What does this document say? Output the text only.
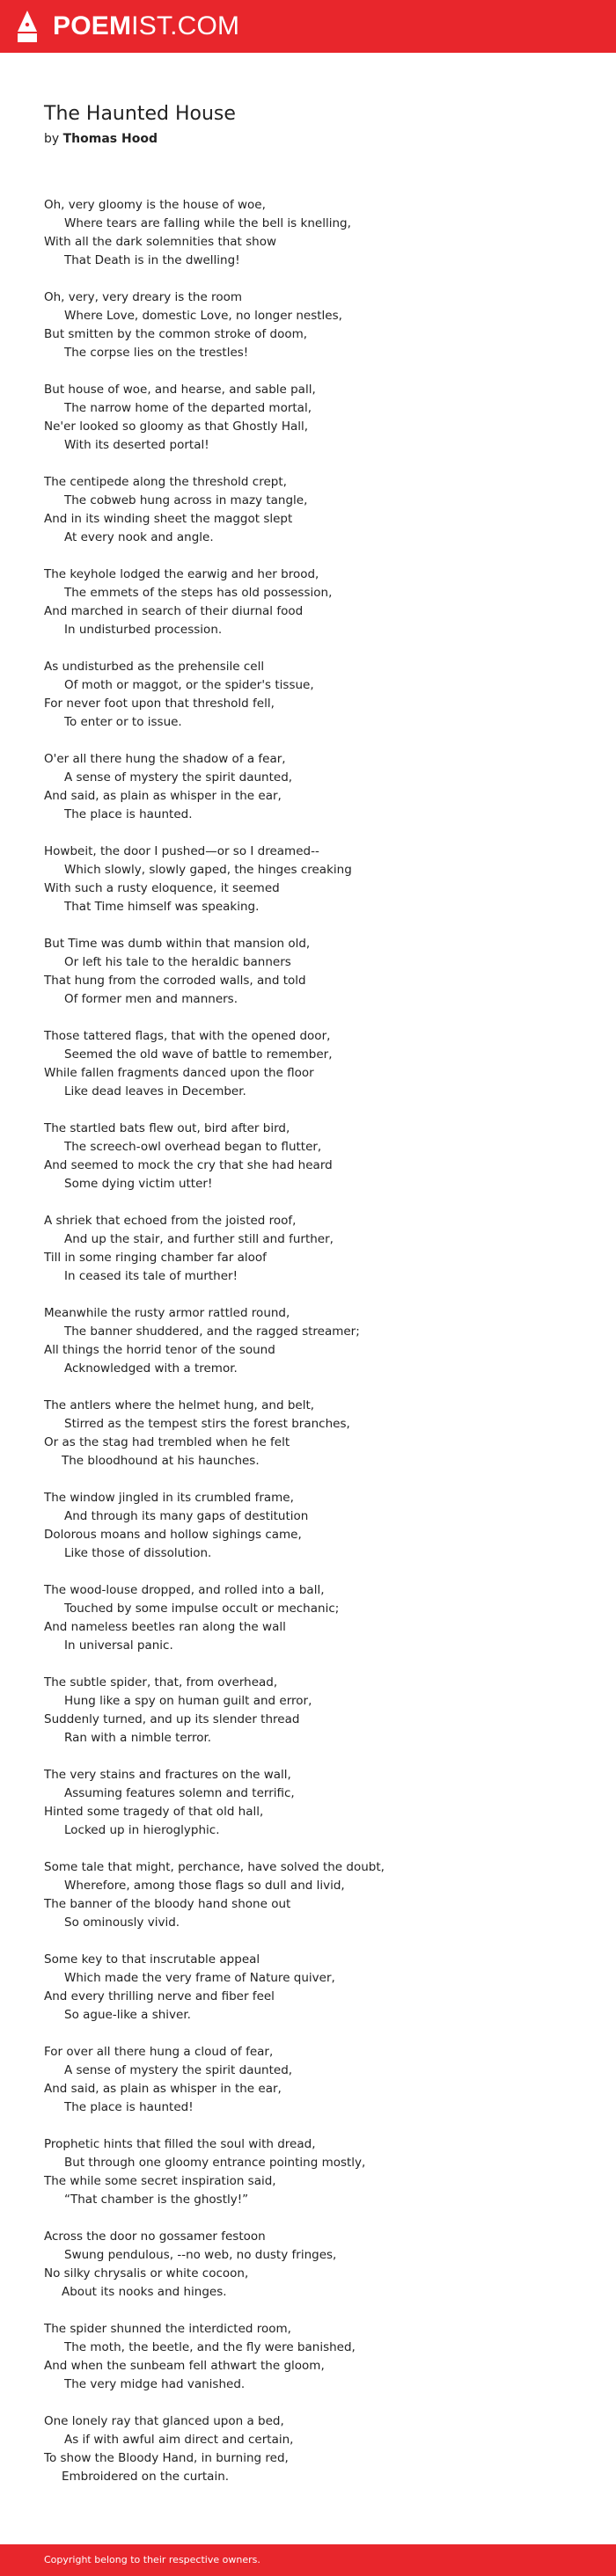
POEMIST.COM
The Haunted House
by Thomas Hood
Oh, very gloomy is the house of woe,
Where tears are falling while the bell is knelling,
With all the dark solemnities that show
That Death is in the dwelling!
Oh, very, very dreary is the room
Where Love, domestic Love, no longer nestles,
But smitten by the common stroke of doom,
The corpse lies on the trestles!
But house of woe, and hearse, and sable pall,
The narrow home of the departed mortal,
Ne'er looked so gloomy as that Ghostly Hall,
With its deserted portal!
The centipede along the threshold crept,
The cobweb hung across in mazy tangle,
And in its winding sheet the maggot slept
At every nook and angle.
The keyhole lodged the earwig and her brood,
The emmets of the steps has old possession,
And marched in search of their diurnal food
In undisturbed procession.
As undisturbed as the prehensile cell
Of moth or maggot, or the spider's tissue,
For never foot upon that threshold fell,
To enter or to issue.
O'er all there hung the shadow of a fear,
A sense of mystery the spirit daunted,
And said, as plain as whisper in the ear,
The place is haunted.
Howbeit, the door I pushed—or so I dreamed--
Which slowly, slowly gaped, the hinges creaking
With such a rusty eloquence, it seemed
That Time himself was speaking.
But Time was dumb within that mansion old,
Or left his tale to the heraldic banners
That hung from the corroded walls, and told
Of former men and manners.
Those tattered flags, that with the opened door,
Seemed the old wave of battle to remember,
While fallen fragments danced upon the floor
Like dead leaves in December.
The startled bats flew out, bird after bird,
The screech-owl overhead began to flutter,
And seemed to mock the cry that she had heard
Some dying victim utter!
A shriek that echoed from the joisted roof,
And up the stair, and further still and further,
Till in some ringing chamber far aloof
In ceased its tale of murther!
Meanwhile the rusty armor rattled round,
The banner shuddered, and the ragged streamer;
All things the horrid tenor of the sound
Acknowledged with a tremor.
The antlers where the helmet hung, and belt,
Stirred as the tempest stirs the forest branches,
Or as the stag had trembled when he felt
The bloodhound at his haunches.
The window jingled in its crumbled frame,
And through its many gaps of destitution
Dolorous moans and hollow sighings came,
Like those of dissolution.
The wood-louse dropped, and rolled into a ball,
Touched by some impulse occult or mechanic;
And nameless beetles ran along the wall
In universal panic.
The subtle spider, that, from overhead,
Hung like a spy on human guilt and error,
Suddenly turned, and up its slender thread
Ran with a nimble terror.
The very stains and fractures on the wall,
Assuming features solemn and terrific,
Hinted some tragedy of that old hall,
Locked up in hieroglyphic.
Some tale that might, perchance, have solved the doubt,
Wherefore, among those flags so dull and livid,
The banner of the bloody hand shone out
So ominously vivid.
Some key to that inscrutable appeal
Which made the very frame of Nature quiver,
And every thrilling nerve and fiber feel
So ague-like a shiver.
For over all there hung a cloud of fear,
A sense of mystery the spirit daunted,
And said, as plain as whisper in the ear,
The place is haunted!
Prophetic hints that filled the soul with dread,
But through one gloomy entrance pointing mostly,
The while some secret inspiration said,
“That chamber is the ghostly!”
Across the door no gossamer festoon
Swung pendulous, --no web, no dusty fringes,
No silky chrysalis or white cocoon,
About its nooks and hinges.
The spider shunned the interdicted room,
The moth, the beetle, and the fly were banished,
And when the sunbeam fell athwart the gloom,
The very midge had vanished.
One lonely ray that glanced upon a bed,
As if with awful aim direct and certain,
To show the Bloody Hand, in burning red,
Embroidered on the curtain.
Copyright belong to their respective owners.
